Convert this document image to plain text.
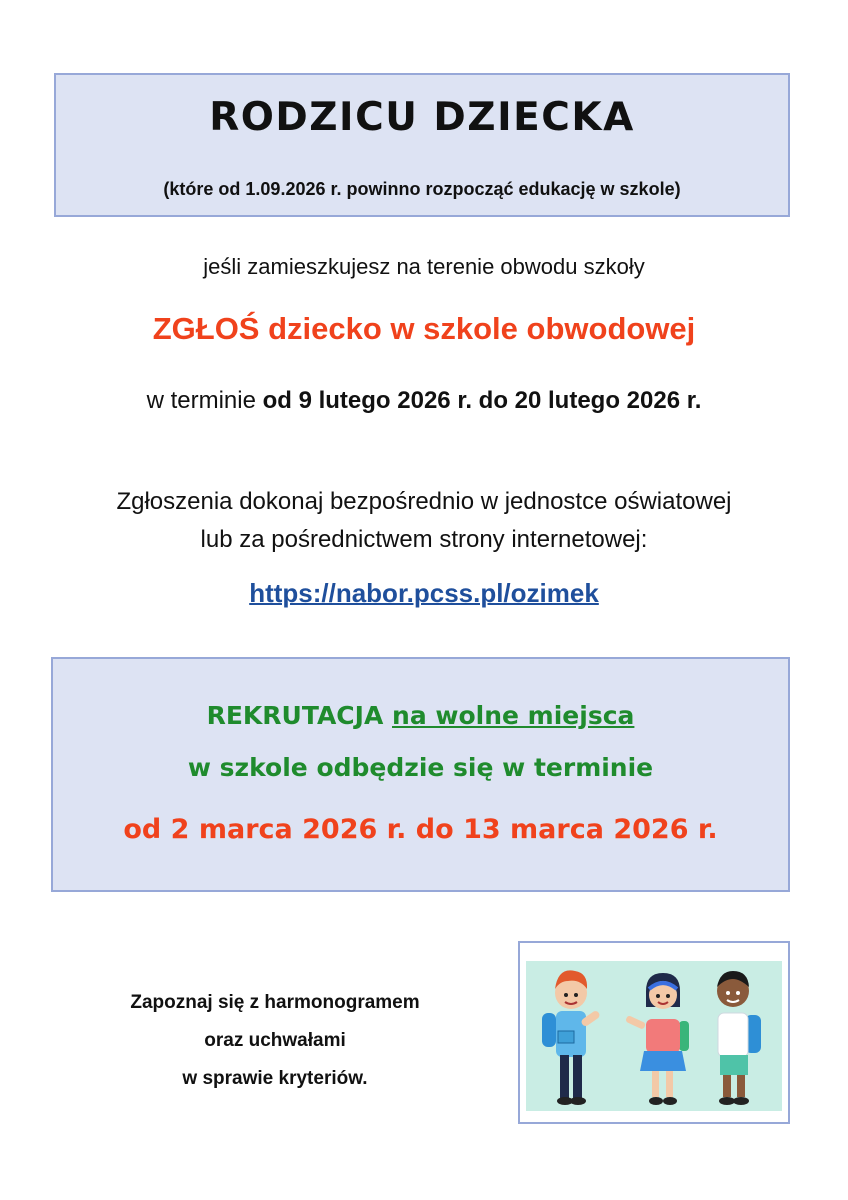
RODZICU DZIECKA
(które od 1.09.2026 r. powinno rozpocząć edukację w szkole)
jeśli zamieszkujesz na terenie obwodu szkoły
ZGŁOŚ dziecko w szkole obwodowej
w terminie od 9 lutego 2026 r. do 20 lutego 2026 r.
Zgłoszenia dokonaj bezpośrednio w jednostce oświatowej
lub za pośrednictwem strony internetowej:
https://nabor.pcss.pl/ozimek
REKRUTACJA na wolne miejsca
w szkole odbędzie się w terminie
od 2 marca 2026 r. do 13 marca 2026 r.
Zapoznaj się z harmonogramem
oraz uchwałami
w sprawie kryteriów.
